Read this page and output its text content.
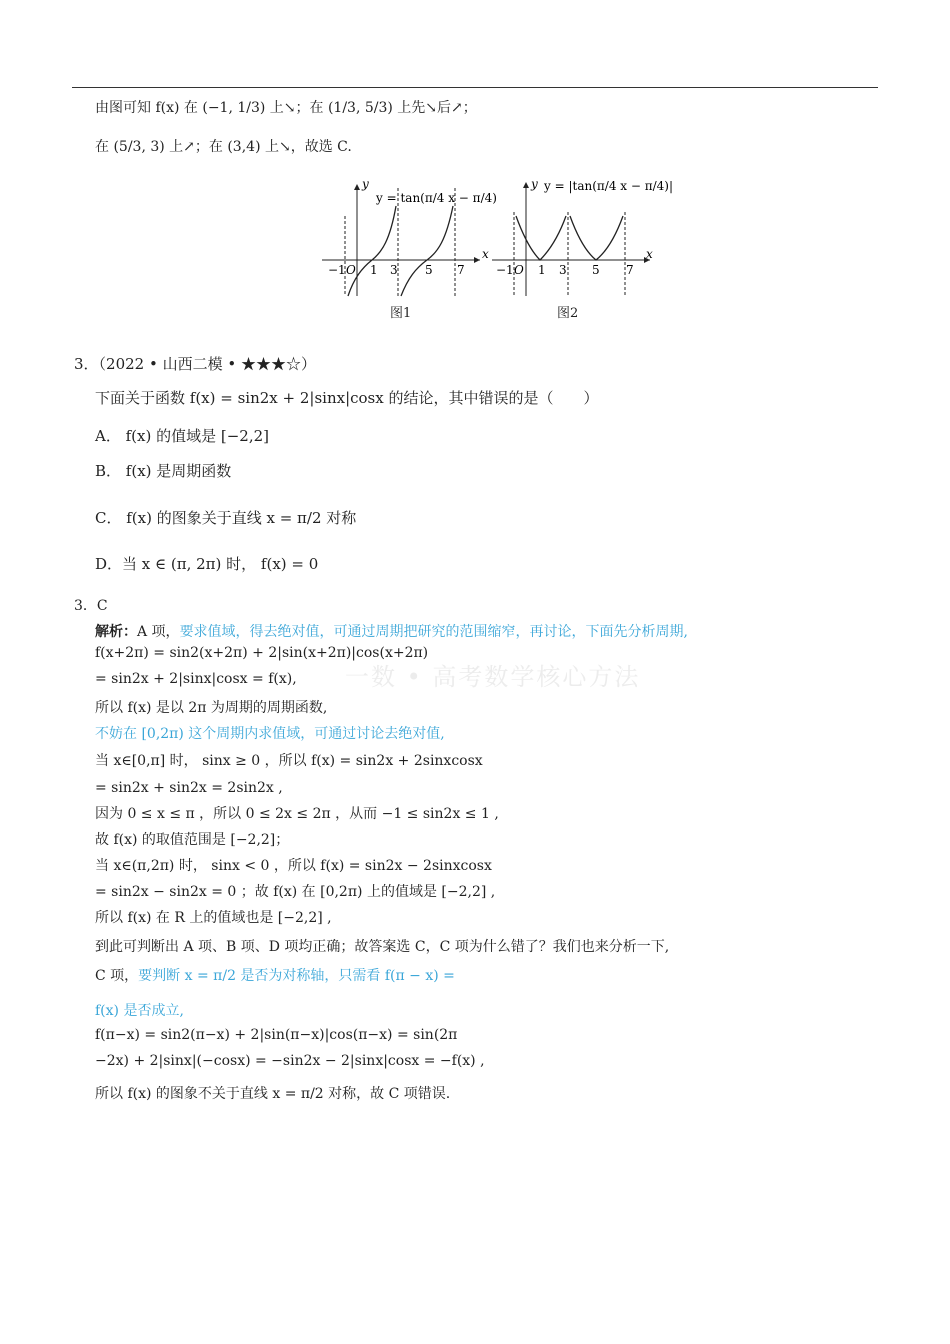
由图可知 f(x) 在 (−1, 1/3) 上↘；在 (1/3, 5/3) 上先↘后↗；
在 (5/3, 3) 上↗；在 (3,4) 上↘，故选 C.
y
x
y = tan(π/4 x − π/4)
−1 O 1 3 5 7
图1
y
x
y = |tan(π/4 x − π/4)|
−1 O 1 3 5 7
图2
3．（2022 • 山西二模 • ★★★☆）
下面关于函数 f(x) = sin2x + 2|sinx|cosx 的结论，其中错误的是（　　）
A． f(x) 的值域是 [−2,2]
B． f(x) 是周期函数
C． f(x) 的图象关于直线 x = π/2 对称
D．当 x ∈ (π, 2π) 时， f(x) = 0
3．C
解析：A 项，要求值域，得去绝对值，可通过周期把研究的范围缩窄，再讨论，下面先分析周期,
一数 • 高考数学核心方法
f(x+2π) = sin2(x+2π) + 2|sin(x+2π)|cos(x+2π)
= sin2x + 2|sinx|cosx = f(x),
所以 f(x) 是以 2π 为周期的周期函数,
不妨在 [0,2π) 这个周期内求值域，可通过讨论去绝对值,
当 x∈[0,π] 时， sinx ≥ 0 ，所以 f(x) = sin2x + 2sinxcosx
= sin2x + sin2x = 2sin2x ,
因为 0 ≤ x ≤ π ，所以 0 ≤ 2x ≤ 2π ，从而 −1 ≤ sin2x ≤ 1 ,
故 f(x) 的取值范围是 [−2,2]；
当 x∈(π,2π) 时， sinx < 0 ，所以 f(x) = sin2x − 2sinxcosx
= sin2x − sin2x = 0 ；故 f(x) 在 [0,2π) 上的值域是 [−2,2] ,
所以 f(x) 在 R 上的值域也是 [−2,2] ,
到此可判断出 A 项、B 项、D 项均正确；故答案选 C，C 项为什么错了？我们也来分析一下,
C 项，要判断 x = π/2 是否为对称轴，只需看 f(π − x) =
f(x) 是否成立,
f(π−x) = sin2(π−x) + 2|sin(π−x)|cos(π−x) = sin(2π
−2x) + 2|sinx|(−cosx) = −sin2x − 2|sinx|cosx = −f(x) ,
所以 f(x) 的图象不关于直线 x = π/2 对称，故 C 项错误.
